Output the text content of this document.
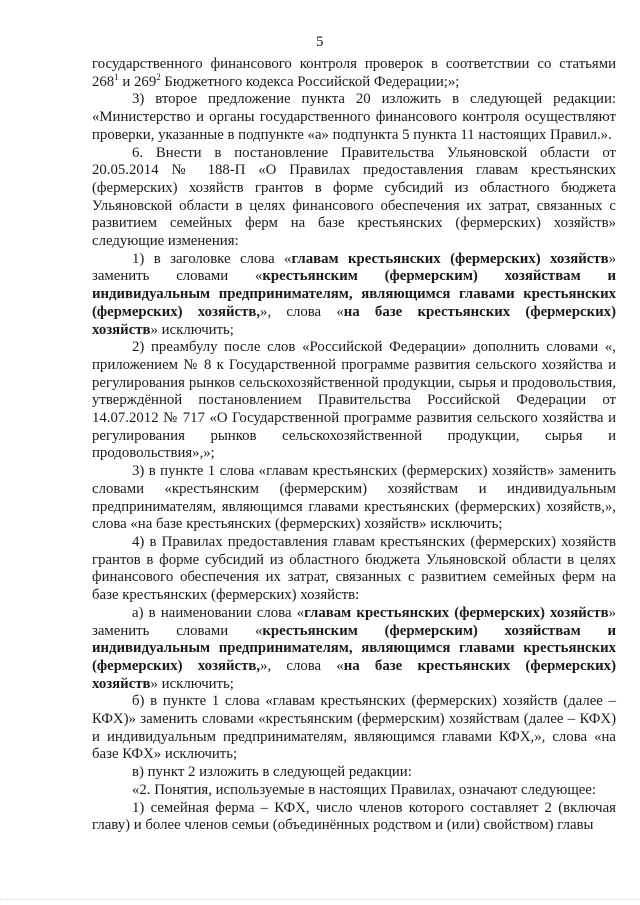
5

государственного финансового контроля проверок в соответствии со статьями $268^1$ и $269^2$ Бюджетного кодекса Российской Федерации;»;

3) второе предложение пункта 20 изложить в следующей редакции: «Министерство и органы государственного финансового контроля осуществляют проверки, указанные в подпункте «а» подпункта 5 пункта 11 настоящих Правил.».

6. Внести в постановление Правительства Ульяновской области от 20.05.2014 № 188-П «О Правилах предоставления главам крестьянских (фермерских) хозяйств грантов в форме субсидий из областного бюджета Ульяновской области в целях финансового обеспечения их затрат, связанных с развитием семейных ферм на базе крестьянских (фермерских) хозяйств» следующие изменения:

1) в заголовке слова «главам крестьянских (фермерских) хозяйств» заменить словами «крестьянским (фермерским) хозяйствам и индивидуальным предпринимателям, являющимся главами крестьянских (фермерских) хозяйств,», слова «на базе крестьянских (фермерских) хозяйств» исключить;

2) преамбулу после слов «Российской Федерации» дополнить словами «, приложением № 8 к Государственной программе развития сельского хозяйства и регулирования рынков сельскохозяйственной продукции, сырья и продовольствия, утверждённой постановлением Правительства Российской Федерации от 14.07.2012 № 717 «О Государственной программе развития сельского хозяйства и регулирования рынков сельскохозяйственной продукции, сырья и продовольствия»,»;

3) в пункте 1 слова «главам крестьянских (фермерских) хозяйств» заменить словами «крестьянским (фермерским) хозяйствам и индивидуальным предпринимателям, являющимся главами крестьянских (фермерских) хозяйств,», слова «на базе крестьянских (фермерских) хозяйств» исключить;

4) в Правилах предоставления главам крестьянских (фермерских) хозяйств грантов в форме субсидий из областного бюджета Ульяновской области в целях финансового обеспечения их затрат, связанных с развитием семейных ферм на базе крестьянских (фермерских) хозяйств:

а) в наименовании слова «главам крестьянских (фермерских) хозяйств» заменить словами «крестьянским (фермерским) хозяйствам и индивидуальным предпринимателям, являющимся главами крестьянских (фермерских) хозяйств,», слова «на базе крестьянских (фермерских) хозяйств» исключить;

б) в пункте 1 слова «главам крестьянских (фермерских) хозяйств (далее – КФХ)» заменить словами «крестьянским (фермерским) хозяйствам (далее – КФХ) и индивидуальным предпринимателям, являющимся главами КФХ,», слова «на базе КФХ» исключить;

в) пункт 2 изложить в следующей редакции:

«2. Понятия, используемые в настоящих Правилах, означают следующее:

1) семейная ферма – КФХ, число членов которого составляет 2 (включая главу) и более членов семьи (объединённых родством и (или) свойством) главы
